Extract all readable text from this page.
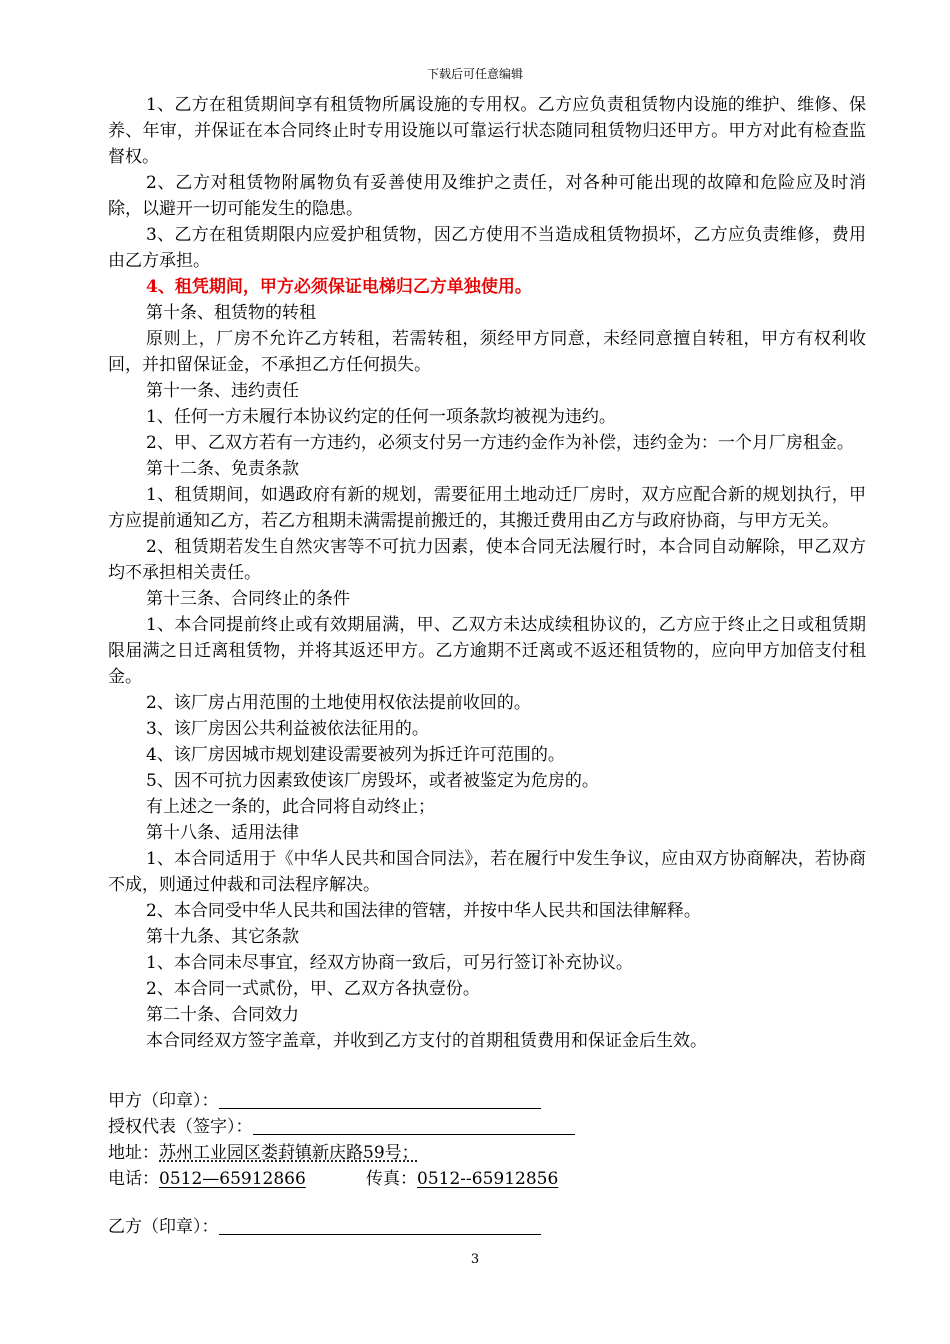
下载后可任意编辑

1、乙方在租赁期间享有租赁物所属设施的专用权。乙方应负责租赁物内设施的维护、维修、保养、年审，并保证在本合同终止时专用设施以可靠运行状态随同租赁物归还甲方。甲方对此有检查监督权。

2、乙方对租赁物附属物负有妥善使用及维护之责任，对各种可能出现的故障和危险应及时消除，以避开一切可能发生的隐患。

3、乙方在租赁期限内应爱护租赁物，因乙方使用不当造成租赁物损坏，乙方应负责维修，费用由乙方承担。

4、租凭期间，甲方必须保证电梯归乙方单独使用。

第十条、租赁物的转租

原则上，厂房不允许乙方转租，若需转租，须经甲方同意，未经同意擅自转租，甲方有权利收回，并扣留保证金，不承担乙方任何损失。

第十一条、违约责任

1、任何一方未履行本协议约定的任何一项条款均被视为违约。

2、甲、乙双方若有一方违约，必须支付另一方违约金作为补偿，违约金为：一个月厂房租金。

第十二条、免责条款

1、租赁期间，如遇政府有新的规划，需要征用土地动迁厂房时，双方应配合新的规划执行，甲方应提前通知乙方，若乙方租期未满需提前搬迁的，其搬迁费用由乙方与政府协商，与甲方无关。

2、租赁期若发生自然灾害等不可抗力因素，使本合同无法履行时，本合同自动解除，甲乙双方均不承担相关责任。

第十三条、合同终止的条件

1、本合同提前终止或有效期届满，甲、乙双方未达成续租协议的，乙方应于终止之日或租赁期限届满之日迁离租赁物，并将其返还甲方。乙方逾期不迁离或不返还租赁物的，应向甲方加倍支付租金。

2、该厂房占用范围的土地使用权依法提前收回的。

3、该厂房因公共利益被依法征用的。

4、该厂房因城市规划建设需要被列为拆迁许可范围的。

5、因不可抗力因素致使该厂房毁坏，或者被鉴定为危房的。

有上述之一条的，此合同将自动终止；

第十八条、适用法律

1、本合同适用于《中华人民共和国合同法》，若在履行中发生争议，应由双方协商解决，若协商不成，则通过仲裁和司法程序解决。

2、本合同受中华人民共和国法律的管辖，并按中华人民共和国法律解释。

第十九条、其它条款

1、本合同未尽事宜，经双方协商一致后，可另行签订补充协议。

2、本合同一式贰份，甲、乙双方各执壹份。

第二十条、合同效力

本合同经双方签字盖章，并收到乙方支付的首期租赁费用和保证金后生效。

甲方（印章）：
授权代表（签字）：
地址：苏州工业园区娄葑镇新庆路59号；
电话：0512—65912866	传真：0512--65912856
乙方（印章）：
3
